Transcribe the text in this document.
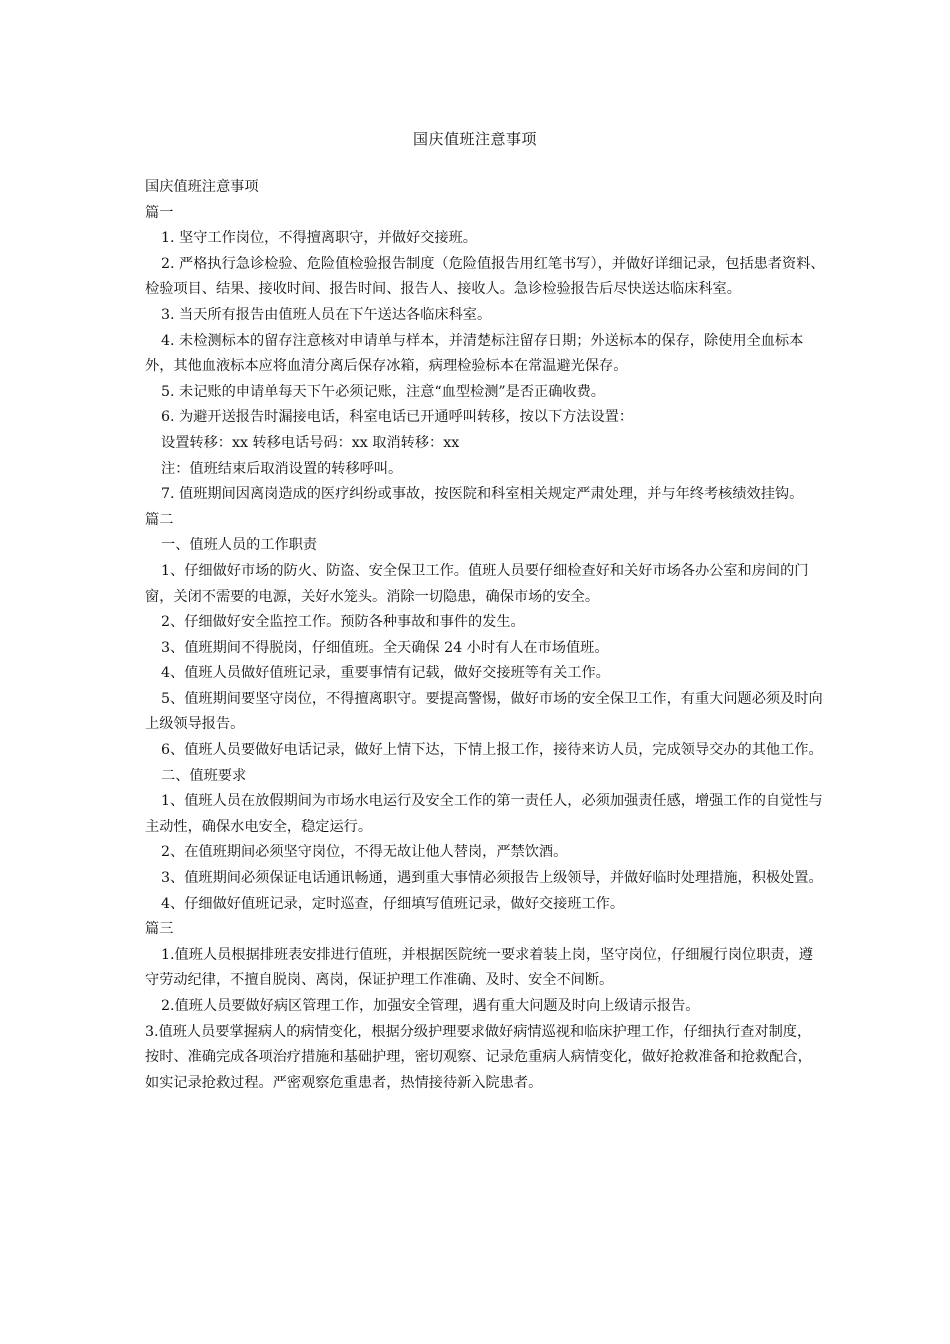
国庆值班注意事项

国庆值班注意事项

篇一

1. 坚守工作岗位，不得擅离职守，并做好交接班。

2. 严格执行急诊检验、危险值检验报告制度（危险值报告用红笔书写），并做好详细记录，包括患者资料、检验项目、结果、接收时间、报告时间、报告人、接收人。急诊检验报告后尽快送达临床科室。

3. 当天所有报告由值班人员在下午送达各临床科室。

4. 未检测标本的留存注意核对申请单与样本，并清楚标注留存日期；外送标本的保存，除使用全血标本外，其他血液标本应将血清分离后保存冰箱，病理检验标本在常温避光保存。

5. 未记账的申请单每天下午必须记账，注意“血型检测”是否正确收费。

6. 为避开送报告时漏接电话，科室电话已开通呼叫转移，按以下方法设置：

设置转移：xx 转移电话号码：xx 取消转移：xx

注：值班结束后取消设置的转移呼叫。

7. 值班期间因离岗造成的医疗纠纷或事故，按医院和科室相关规定严肃处理，并与年终考核绩效挂钩。

篇二

一、值班人员的工作职责

1、仔细做好市场的防火、防盗、安全保卫工作。值班人员要仔细检查好和关好市场各办公室和房间的门窗，关闭不需要的电源，关好水笼头。消除一切隐患，确保市场的安全。

2、仔细做好安全监控工作。预防各种事故和事件的发生。

3、值班期间不得脱岗，仔细值班。全天确保 24 小时有人在市场值班。

4、值班人员做好值班记录，重要事情有记载，做好交接班等有关工作。

5、值班期间要坚守岗位，不得擅离职守。要提高警惕，做好市场的安全保卫工作，有重大问题必须及时向上级领导报告。

6、值班人员要做好电话记录，做好上情下达，下情上报工作，接待来访人员，完成领导交办的其他工作。

二、值班要求

1、值班人员在放假期间为市场水电运行及安全工作的第一责任人，必须加强责任感，增强工作的自觉性与主动性，确保水电安全，稳定运行。

2、在值班期间必须坚守岗位，不得无故让他人替岗，严禁饮酒。

3、值班期间必须保证电话通讯畅通，遇到重大事情必须报告上级领导，并做好临时处理措施，积极处置。

4、仔细做好值班记录，定时巡查，仔细填写值班记录，做好交接班工作。

篇三

1.值班人员根据排班表安排进行值班，并根据医院统一要求着装上岗，坚守岗位，仔细履行岗位职责，遵守劳动纪律，不擅自脱岗、离岗，保证护理工作准确、及时、安全不间断。

2.值班人员要做好病区管理工作，加强安全管理，遇有重大问题及时向上级请示报告。

3.值班人员要掌握病人的病情变化，根据分级护理要求做好病情巡视和临床护理工作，仔细执行查对制度，按时、准确完成各项治疗措施和基础护理，密切观察、记录危重病人病情变化，做好抢救准备和抢救配合，如实记录抢救过程。严密观察危重患者，热情接待新入院患者。
